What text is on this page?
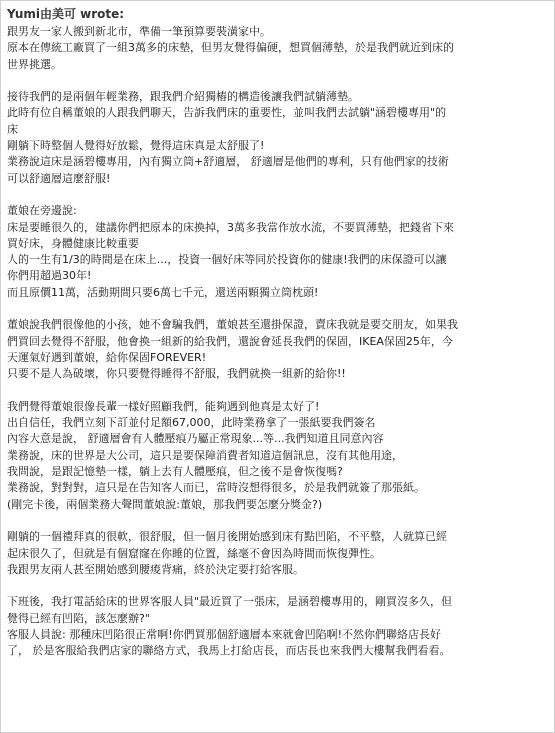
Yumi由美可 wrote:
跟男友一家人搬到新北市，準備一筆預算要裝潢家中。
原本在傳統工廠買了一組3萬多的床墊，但男友覺得偏硬，想買個薄墊，於是我們就近到床的
世界挑選。
接待我們的是兩個年輕業務，跟我們介紹獨樁的構造後讓我們試躺薄墊。
此時有位自稱董娘的人跟我們聊天，告訴我們床的重要性，並叫我們去試躺"涵碧樓專用"的
床
剛躺下時整個人覺得好放鬆，覺得這床真是太舒服了!
業務說這床是涵碧樓專用，內有獨立筒+舒適層， 舒適層是他們的專利，只有他們家的技術
可以舒適層這麼舒服!
董娘在旁邊說:
床是要睡很久的，建議你們把原本的床換掉，3萬多我當作放水流，不要買薄墊，把錢省下來
買好床，身體健康比較重要
人的一生有1/3的時間是在床上...，投資一個好床等同於投資你的健康!我們的床保證可以讓
你們用超過30年!
而且原價11萬，活動期間只要6萬七千元，還送兩顆獨立筒枕頭!
董娘說我們很像他的小孩，她不會騙我們，董娘甚至還掛保證，賣床我就是要交朋友，如果我
們買回去覺得不舒服，他會換一組新的給我們，還說會延長我們的保固，IKEA保固25年，今
天運氣好遇到董娘，給你保固FOREVER!
只要不是人為破壞，你只要覺得睡得不舒服，我們就換一組新的給你!!
我們覺得董娘很像長輩一樣好照顧我們，能夠遇到他真是太好了!
出自信任，我們立刻下訂並付足額67,000，此時業務拿了一張紙要我們簽名
內容大意是說， 舒適層會有人體壓痕乃屬正常現象...等...我們知道且同意內容
業務說，床的世界是大公司，這只是要保障消費者知道這個訊息，沒有其他用途，
我問說，是跟記憶墊一樣，躺上去有人體壓痕，但之後不是會恢復嗎?
業務說，對對對，這只是在告知客人而已，當時沒想得很多，於是我們就簽了那張紙。
(剛完卡後，兩個業務大聲問董娘說:董娘，那我們要怎麼分獎金?)
剛躺的一個禮拜真的很軟，很舒服，但一個月後開始感到床有點凹陷，不平整，人就算已經
起床很久了，但就是有個窟窿在你睡的位置，絲毫不會因為時間而恢復彈性。
我跟男友兩人甚至開始感到腰痠背痛，終於決定要打給客服。
下班後，我打電話給床的世界客服人員"最近買了一張床，是涵碧樓專用的，剛買沒多久，但
覺得已經有凹陷，該怎麼辦?"
客服人員說: 那種床凹陷很正常啊!你們買那個舒適層本來就會凹陷啊!不然你們聯絡店長好
了， 於是客服給我們店家的聯絡方式，我馬上打給店長，而店長也來我們大樓幫我們看看。
